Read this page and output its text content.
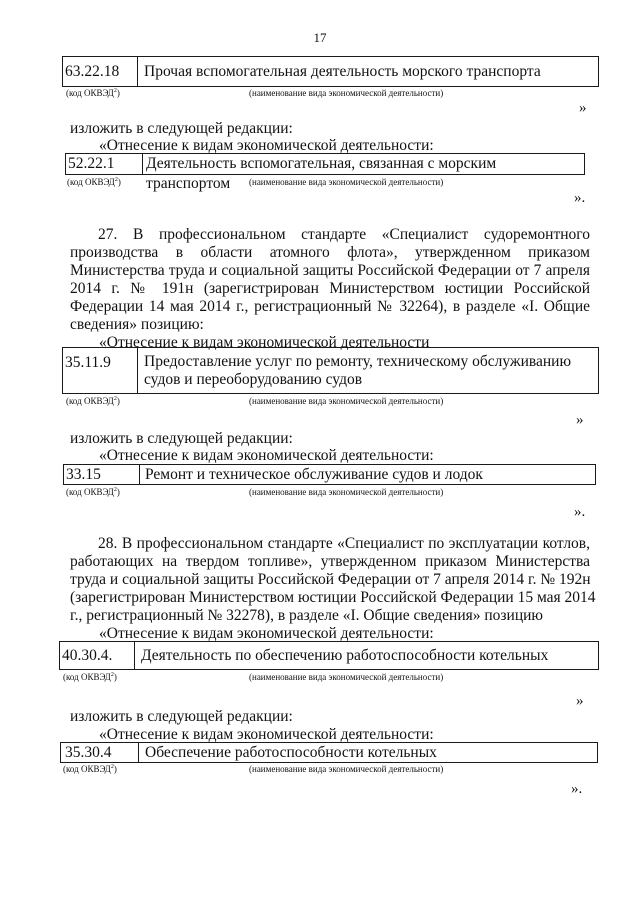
17
63.22.18	Прочая вспомогательная деятельность морского транспорта
(код ОКВЭД$^2$)	(наименование вида экономической деятельности)
»
изложить в следующей редакции:
«Отнесение к видам экономической деятельности:
52.22.1	Деятельность вспомогательная, связанная с морским транспортом
(код ОКВЭД$^2$)	(наименование вида экономической деятельности)
».
27. В профессиональном стандарте «Специалист судоремонтного
производства в области атомного флота», утвержденном приказом
Министерства труда и социальной защиты Российской Федерации от 7 апреля
2014 г. № 191н (зарегистрирован Министерством юстиции Российской
Федерации 14 мая 2014 г., регистрационный № 32264), в разделе «I. Общие
сведения» позицию:
«Отнесение к видам экономической деятельности
35.11.9	Предоставление услуг по ремонту, техническому обслуживанию
судов и переоборудованию судов
(код ОКВЭД$^2$)	(наименование вида экономической деятельности)
»
изложить в следующей редакции:
«Отнесение к видам экономической деятельности:
33.15	Ремонт и техническое обслуживание судов и лодок
(код ОКВЭД$^2$)	(наименование вида экономической деятельности)
».
28. В профессиональном стандарте «Специалист по эксплуатации котлов,
работающих на твердом топливе», утвержденном приказом Министерства
труда и социальной защиты Российской Федерации от 7 апреля 2014 г. № 192н
(зарегистрирован Министерством юстиции Российской Федерации 15 мая 2014
г., регистрационный № 32278), в разделе «I. Общие сведения» позицию
«Отнесение к видам экономической деятельности:
40.30.4.	Деятельность по обеспечению работоспособности котельных
(код ОКВЭД$^2$)	(наименование вида экономической деятельности)
»
изложить в следующей редакции:
«Отнесение к видам экономической деятельности:
35.30.4	Обеспечение работоспособности котельных
(код ОКВЭД$^2$)	(наименование вида экономической деятельности)
».
